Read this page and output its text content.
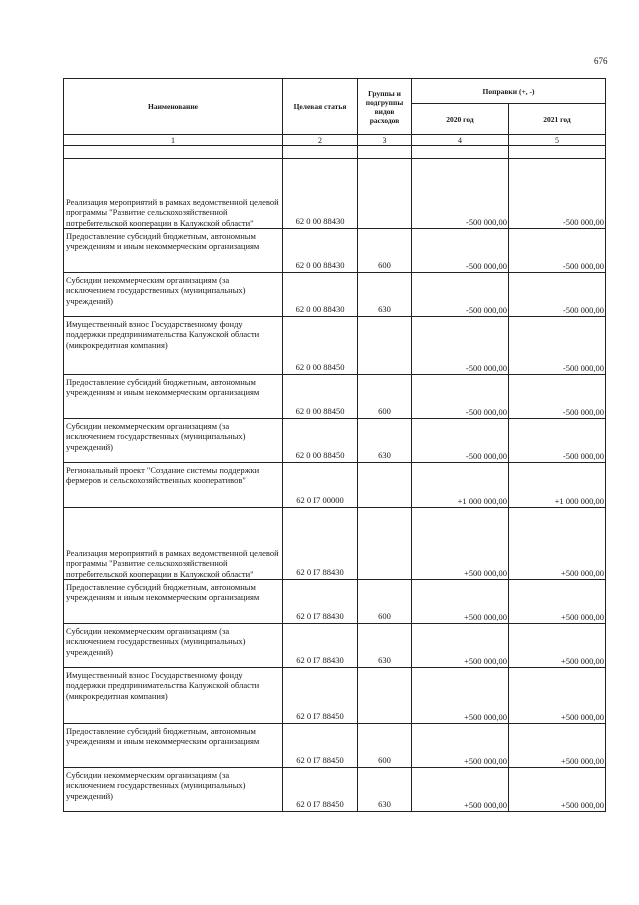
676
Наименование	Целевая статья	Группы и подгруппы видов расходов	Поправки (+, -)	
			2020 год	2021 год
1	2	3	4	5

Реализация мероприятий в рамках ведомственной целевой программы "Развитие сельскохозяйственной потребительской кооперации в Калужской области"	62 0 00 88430		-500 000,00	-500 000,00
Предоставление субсидий бюджетным, автономным учреждениям и иным некоммерческим организациям	62 0 00 88430	600	-500 000,00	-500 000,00
Субсидии некоммерческим организациям (за исключением государственных (муниципальных) учреждений)	62 0 00 88430	630	-500 000,00	-500 000,00
Имущественный взнос Государственному фонду поддержки предпринимательства Калужской области (микрокредитная компания)	62 0 00 88450		-500 000,00	-500 000,00
Предоставление субсидий бюджетным, автономным учреждениям и иным некоммерческим организациям	62 0 00 88450	600	-500 000,00	-500 000,00
Субсидии некоммерческим организациям (за исключением государственных (муниципальных) учреждений)	62 0 00 88450	630	-500 000,00	-500 000,00
Региональный проект "Создание системы поддержки фермеров и сельскохозяйственных кооперативов"	62 0 I7 00000		+1 000 000,00	+1 000 000,00
Реализация мероприятий в рамках ведомственной целевой программы "Развитие сельскохозяйственной потребительской кооперации в Калужской области"	62 0 I7 88430		+500 000,00	+500 000,00
Предоставление субсидий бюджетным, автономным учреждениям и иным некоммерческим организациям	62 0 I7 88430	600	+500 000,00	+500 000,00
Субсидии некоммерческим организациям (за исключением государственных (муниципальных) учреждений)	62 0 I7 88430	630	+500 000,00	+500 000,00
Имущественный взнос Государственному фонду поддержки предпринимательства Калужской области (микрокредитная компания)	62 0 I7 88450		+500 000,00	+500 000,00
Предоставление субсидий бюджетным, автономным учреждениям и иным некоммерческим организациям	62 0 I7 88450	600	+500 000,00	+500 000,00
Субсидии некоммерческим организациям (за исключением государственных (муниципальных) учреждений)	62 0 I7 88450	630	+500 000,00	+500 000,00
